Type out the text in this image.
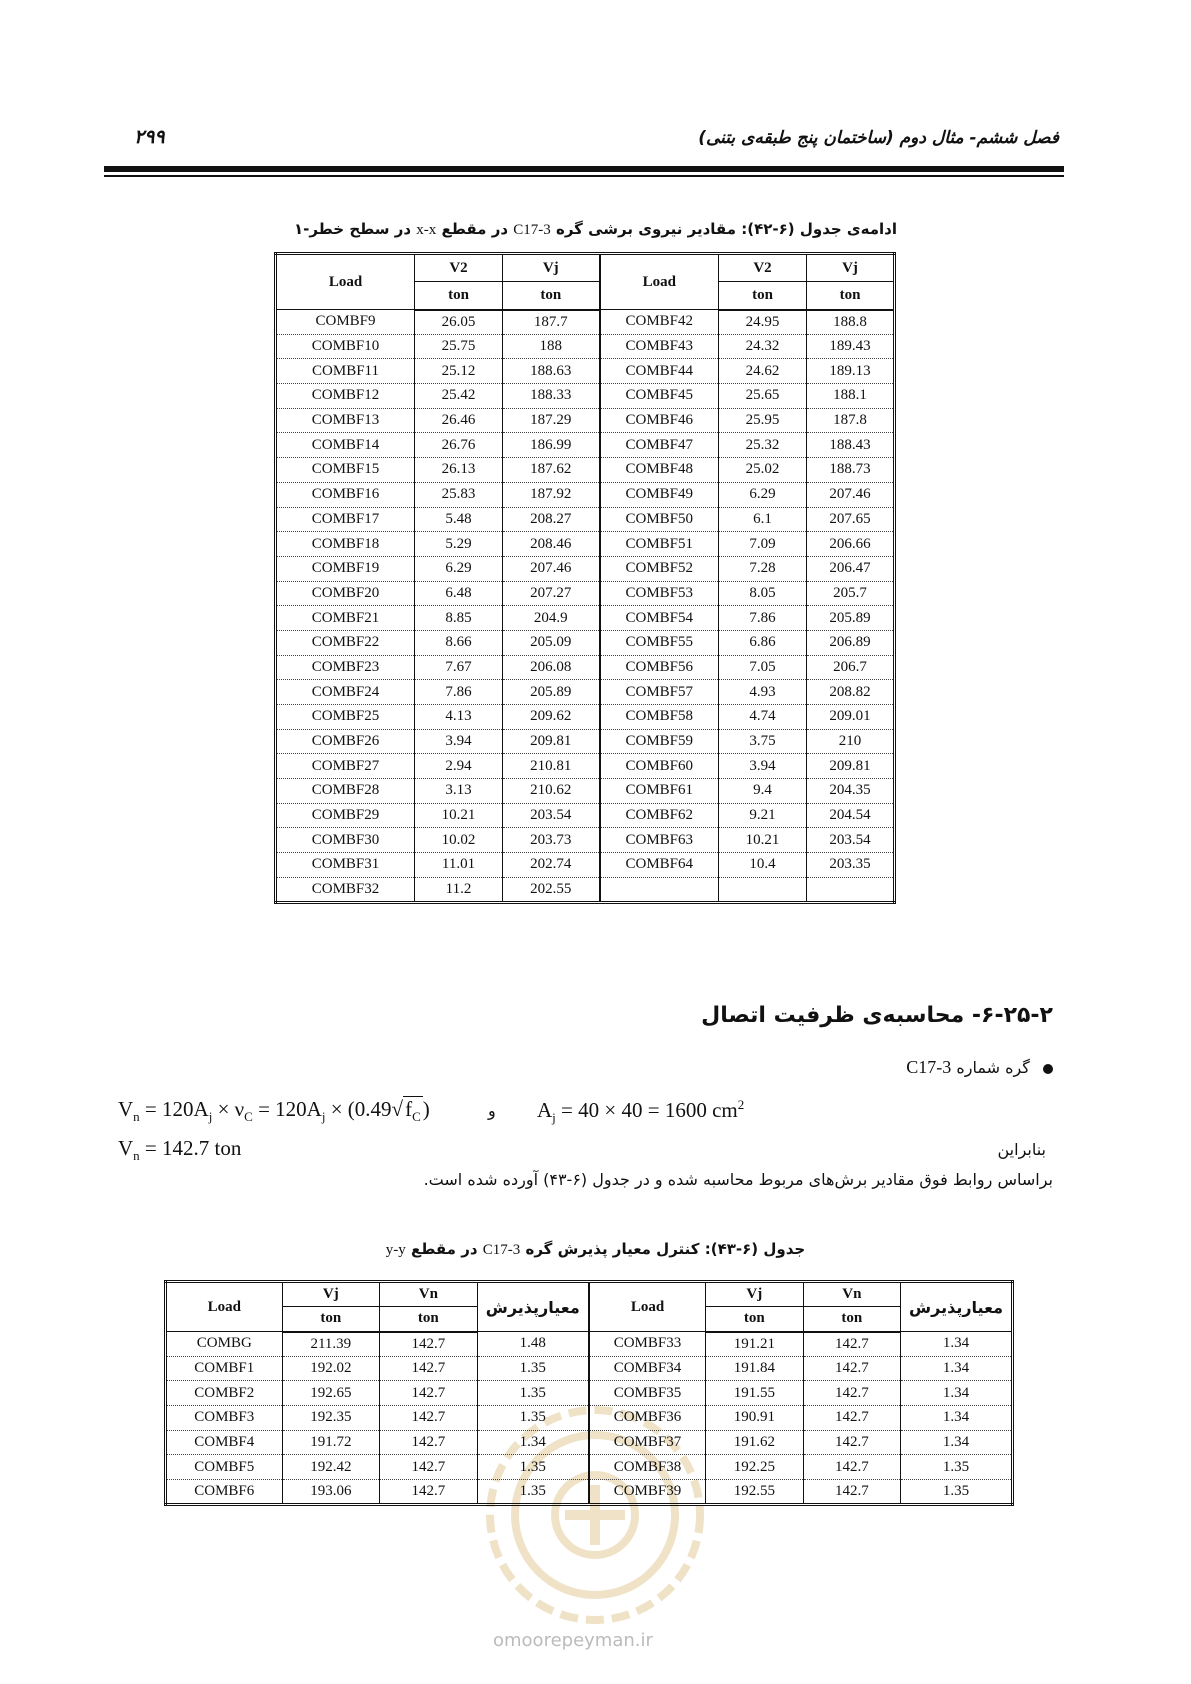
فصل ششم- مثال دوم (ساختمان پنج طبقه‌ی بتنی)
۲۹۹
ادامه‌ی جدول (۶-۴۲): مقادیر نیروی برشی گره C17-3 در مقطع x-x در سطح خطر-۱
Load	V2	Vj	Load	V2	Vj
	ton	ton		ton	ton
COMBF9	26.05	187.7	COMBF42	24.95	188.8
COMBF10	25.75	188	COMBF43	24.32	189.43
COMBF11	25.12	188.63	COMBF44	24.62	189.13
COMBF12	25.42	188.33	COMBF45	25.65	188.1
COMBF13	26.46	187.29	COMBF46	25.95	187.8
COMBF14	26.76	186.99	COMBF47	25.32	188.43
COMBF15	26.13	187.62	COMBF48	25.02	188.73
COMBF16	25.83	187.92	COMBF49	6.29	207.46
COMBF17	5.48	208.27	COMBF50	6.1	207.65
COMBF18	5.29	208.46	COMBF51	7.09	206.66
COMBF19	6.29	207.46	COMBF52	7.28	206.47
COMBF20	6.48	207.27	COMBF53	8.05	205.7
COMBF21	8.85	204.9	COMBF54	7.86	205.89
COMBF22	8.66	205.09	COMBF55	6.86	206.89
COMBF23	7.67	206.08	COMBF56	7.05	206.7
COMBF24	7.86	205.89	COMBF57	4.93	208.82
COMBF25	4.13	209.62	COMBF58	4.74	209.01
COMBF26	3.94	209.81	COMBF59	3.75	210
COMBF27	2.94	210.81	COMBF60	3.94	209.81
COMBF28	3.13	210.62	COMBF61	9.4	204.35
COMBF29	10.21	203.54	COMBF62	9.21	204.54
COMBF30	10.02	203.73	COMBF63	10.21	203.54
COMBF31	11.01	202.74	COMBF64	10.4	203.35
COMBF32	11.2	202.55			
۶-۲۵-۲- محاسبه‌ی ظرفیت اتصال
گره شماره C17-3
$V_n = 120A_j \times \nu_C = 120A_j \times (0.49√f_C)$	و $A_j = 40 \times 40 = 1600$ $cm^2$
$V_n = 142.7$ ton	بنابراین
براساس روابط فوق مقادیر برش‌های مربوط محاسبه شده و در جدول (۶-۴۳) آورده شده است.
جدول (۶-۴۳): کنترل معیار پذیرش گره C17-3 در مقطع y-y
Load	Vj	Vn	معیارپذیرش	Load	Vj	Vn	معیارپذیرش
	ton	ton			ton	ton	
COMBG	211.39	142.7	1.48	COMBF33	191.21	142.7	1.34
COMBF1	192.02	142.7	1.35	COMBF34	191.84	142.7	1.34
COMBF2	192.65	142.7	1.35	COMBF35	191.55	142.7	1.34
COMBF3	192.35	142.7	1.35	COMBF36	190.91	142.7	1.34
COMBF4	191.72	142.7	1.34	COMBF37	191.62	142.7	1.34
COMBF5	192.42	142.7	1.35	COMBF38	192.25	142.7	1.35
COMBF6	193.06	142.7	1.35	COMBF39	192.55	142.7	1.35
omoorepeyman.ir
